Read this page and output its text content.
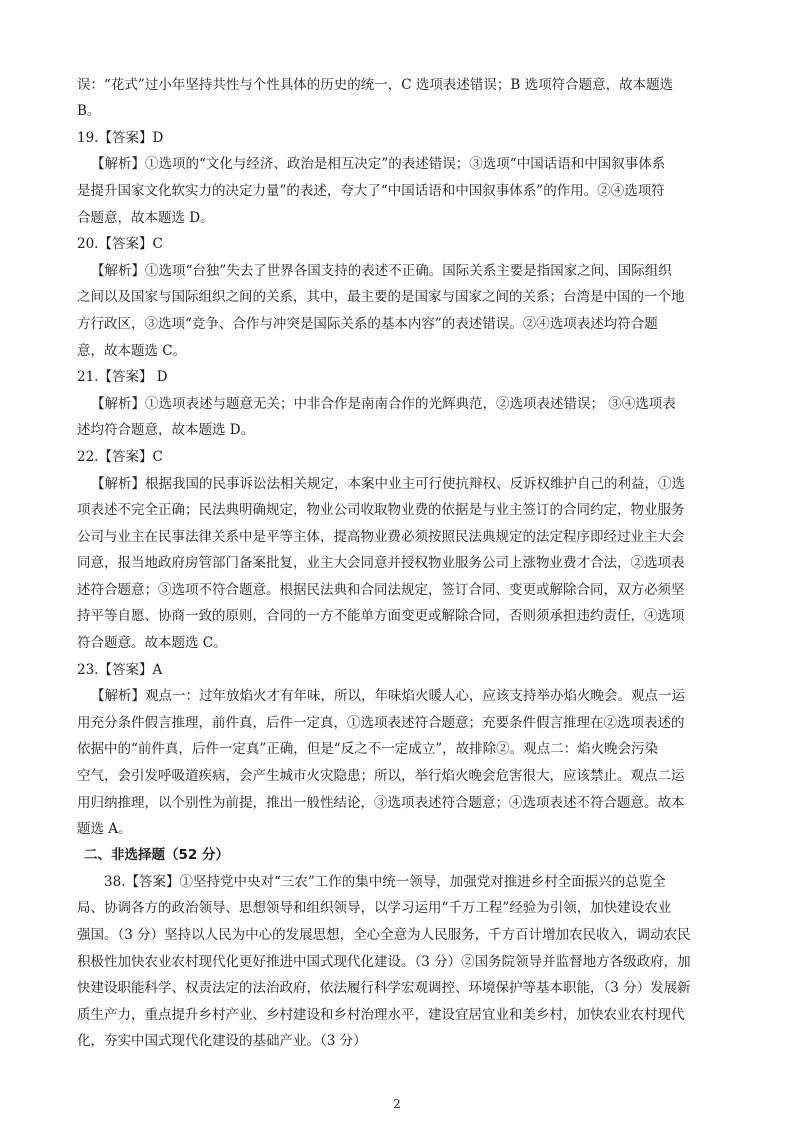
误：“花式”过小年坚持共性与个性具体的历史的统一，C 选项表述错误；B 选项符合题意，故本题选
B。
19.【答案】D
【解析】①选项的“文化与经济、政治是相互决定”的表述错误；③选项“中国话语和中国叙事体系
是提升国家文化软实力的决定力量”的表述，夸大了“中国话语和中国叙事体系”的作用。②④选项符
合题意，故本题选 D。
20.【答案】C
【解析】①选项“台独”失去了世界各国支持的表述不正确。国际关系主要是指国家之间、国际组织
之间以及国家与国际组织之间的关系，其中，最主要的是国家与国家之间的关系；台湾是中国的一个地
方行政区，③选项“竞争、合作与冲突是国际关系的基本内容”的表述错误。②④选项表述均符合题
意，故本题选 C。
21.【答案】 D
【解析】①选项表述与题意无关；中非合作是南南合作的光辉典范，②选项表述错误； ③④选项表
述均符合题意，故本题选 D。
22.【答案】C
【解析】根据我国的民事诉讼法相关规定，本案中业主可行使抗辩权、反诉权维护自己的利益，①选
项表述不完全正确；民法典明确规定，物业公司收取物业费的依据是与业主签订的合同约定，物业服务
公司与业主在民事法律关系中是平等主体，提高物业费必须按照民法典规定的法定程序即经过业主大会
同意，报当地政府房管部门备案批复，业主大会同意并授权物业服务公司上涨物业费才合法，②选项表
述符合题意；③选项不符合题意。根据民法典和合同法规定，签订合同、变更或解除合同，双方必须坚
持平等自愿、协商一致的原则，合同的一方不能单方面变更或解除合同，否则须承担违约责任，④选项
符合题意。故本题选 C。
23.【答案】A
【解析】观点一：过年放焰火才有年味，所以，年味焰火暖人心，应该支持举办焰火晚会。观点一运
用充分条件假言推理，前件真，后件一定真，①选项表述符合题意；充要条件假言推理在②选项表述的
依据中的“前件真，后件一定真”正确，但是“反之不一定成立”，故排除②。观点二：焰火晚会污染
空气，会引发呼吸道疾病，会产生城市火灾隐患；所以，举行焰火晚会危害很大，应该禁止。观点二运
用归纳推理，以个别性为前提，推出一般性结论，③选项表述符合题意；④选项表述不符合题意。故本
题选 A。
二、非选择题（52 分）
38.【答案】①坚持党中央对“三农”工作的集中统一领导，加强党对推进乡村全面振兴的总览全
局、协调各方的政治领导、思想领导和组织领导，以学习运用“千万工程”经验为引领，加快建设农业
强国。（3 分）坚持以人民为中心的发展思想，全心全意为人民服务，千方百计增加农民收入，调动农民
积极性加快农业农村现代化更好推进中国式现代化建设。（3 分）②国务院领导并监督地方各级政府，加
快建设职能科学、权责法定的法治政府，依法履行科学宏观调控、环境保护等基本职能，（3 分）发展新
质生产力，重点提升乡村产业、乡村建设和乡村治理水平，建设宜居宜业和美乡村，加快农业农村现代
化，夯实中国式现代化建设的基础产业。（3 分）
2
